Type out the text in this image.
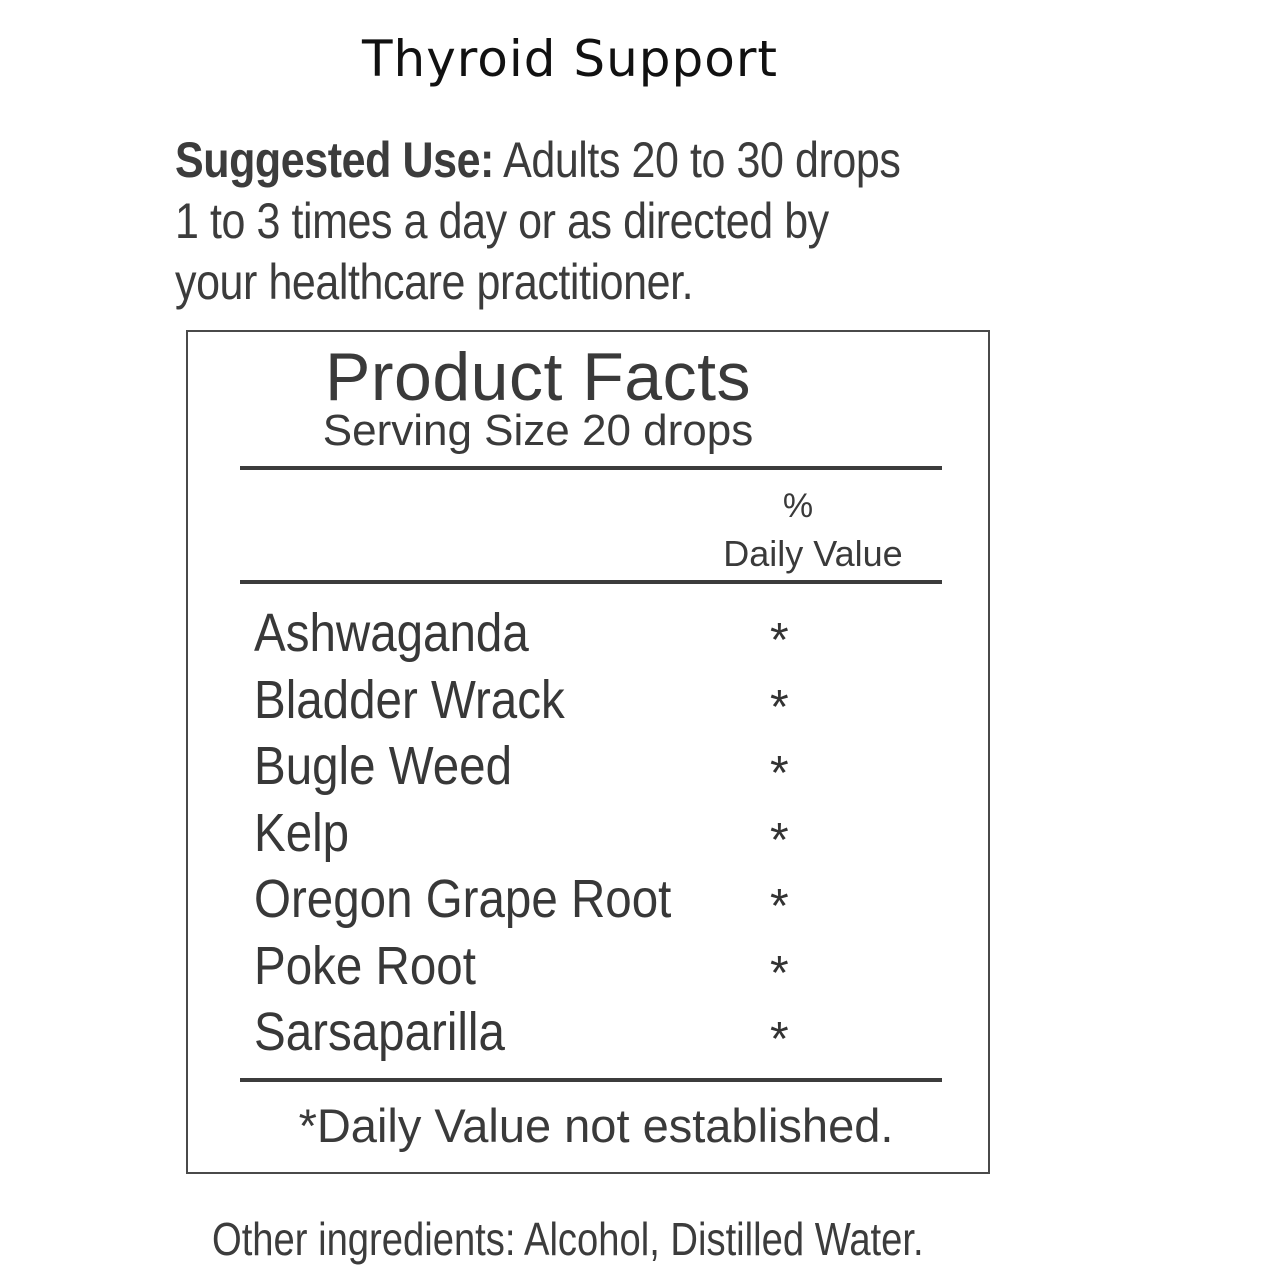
Thyroid Support
Suggested Use: Adults 20 to 30 drops
1 to 3 times a day or as directed by
your healthcare practitioner.
Product Facts
Serving Size 20 drops
%
Daily Value
Ashwaganda	*
Bladder Wrack	*
Bugle Weed	*
Kelp	*
Oregon Grape Root *
Poke Root	*
Sarsaparilla	*
*Daily Value not established.
Other ingredients: Alcohol, Distilled Water.
